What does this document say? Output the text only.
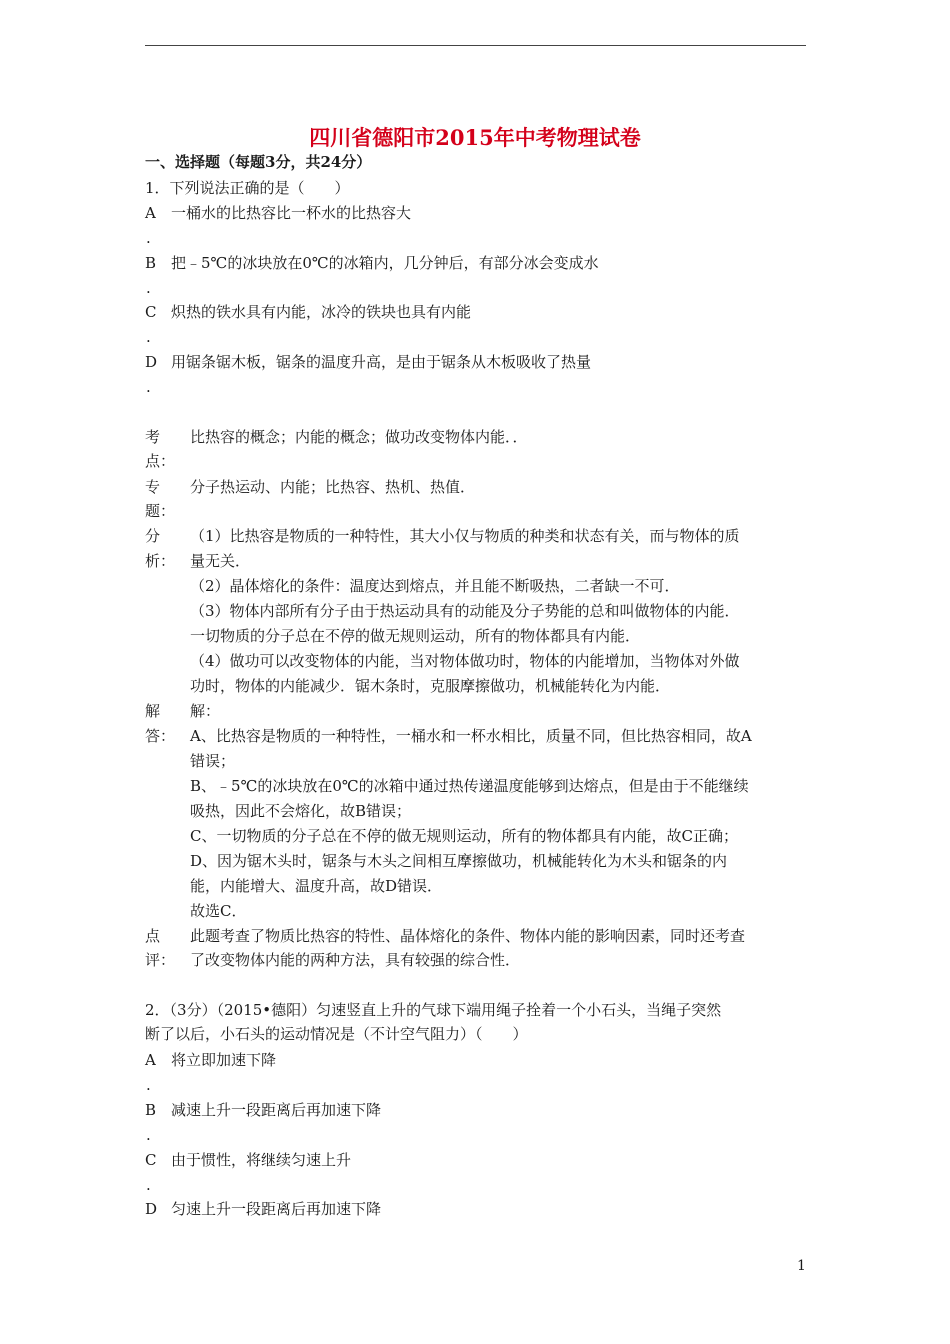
四川省德阳市2015年中考物理试卷
一、选择题（每题3分，共24分）
1．下列说法正确的是（　　）
A 一桶水的比热容比一杯水的比热容大
.
B 把﹣5℃的冰块放在0℃的冰箱内，几分钟后，有部分冰会变成水
.
C 炽热的铁水具有内能，冰冷的铁块也具有内能
.
D 用锯条锯木板，锯条的温度升高，是由于锯条从木板吸收了热量
.
考
点：
比热容的概念；内能的概念；做功改变物体内能．．
专
题：
分子热运动、内能；比热容、热机、热值．
分
析：
（1）比热容是物质的一种特性，其大小仅与物质的种类和状态有关，而与物体的质
量无关．
（2）晶体熔化的条件：温度达到熔点，并且能不断吸热，二者缺一不可．
（3）物体内部所有分子由于热运动具有的动能及分子势能的总和叫做物体的内能．
一切物质的分子总在不停的做无规则运动，所有的物体都具有内能．
（4）做功可以改变物体的内能，当对物体做功时，物体的内能增加，当物体对外做
功时，物体的内能减少．锯木条时，克服摩擦做功，机械能转化为内能．
解
答：
解：
A、比热容是物质的一种特性，一桶水和一杯水相比，质量不同，但比热容相同，故A
错误；
B、﹣5℃的冰块放在0℃的冰箱中通过热传递温度能够到达熔点，但是由于不能继续
吸热，因此不会熔化，故B错误；
C、一切物质的分子总在不停的做无规则运动，所有的物体都具有内能，故C正确；
D、因为锯木头时，锯条与木头之间相互摩擦做功，机械能转化为木头和锯条的内
能，内能增大、温度升高，故D错误．
故选C．
点
评：
此题考查了物质比热容的特性、晶体熔化的条件、物体内能的影响因素，同时还考查
了改变物体内能的两种方法，具有较强的综合性．
2．（3分）（2015•德阳）匀速竖直上升的气球下端用绳子拴着一个小石头，当绳子突然
断了以后，小石头的运动情况是（不计空气阻力）（　　）
A 将立即加速下降
.
B 减速上升一段距离后再加速下降
.
C 由于惯性，将继续匀速上升
.
D 匀速上升一段距离后再加速下降
1
